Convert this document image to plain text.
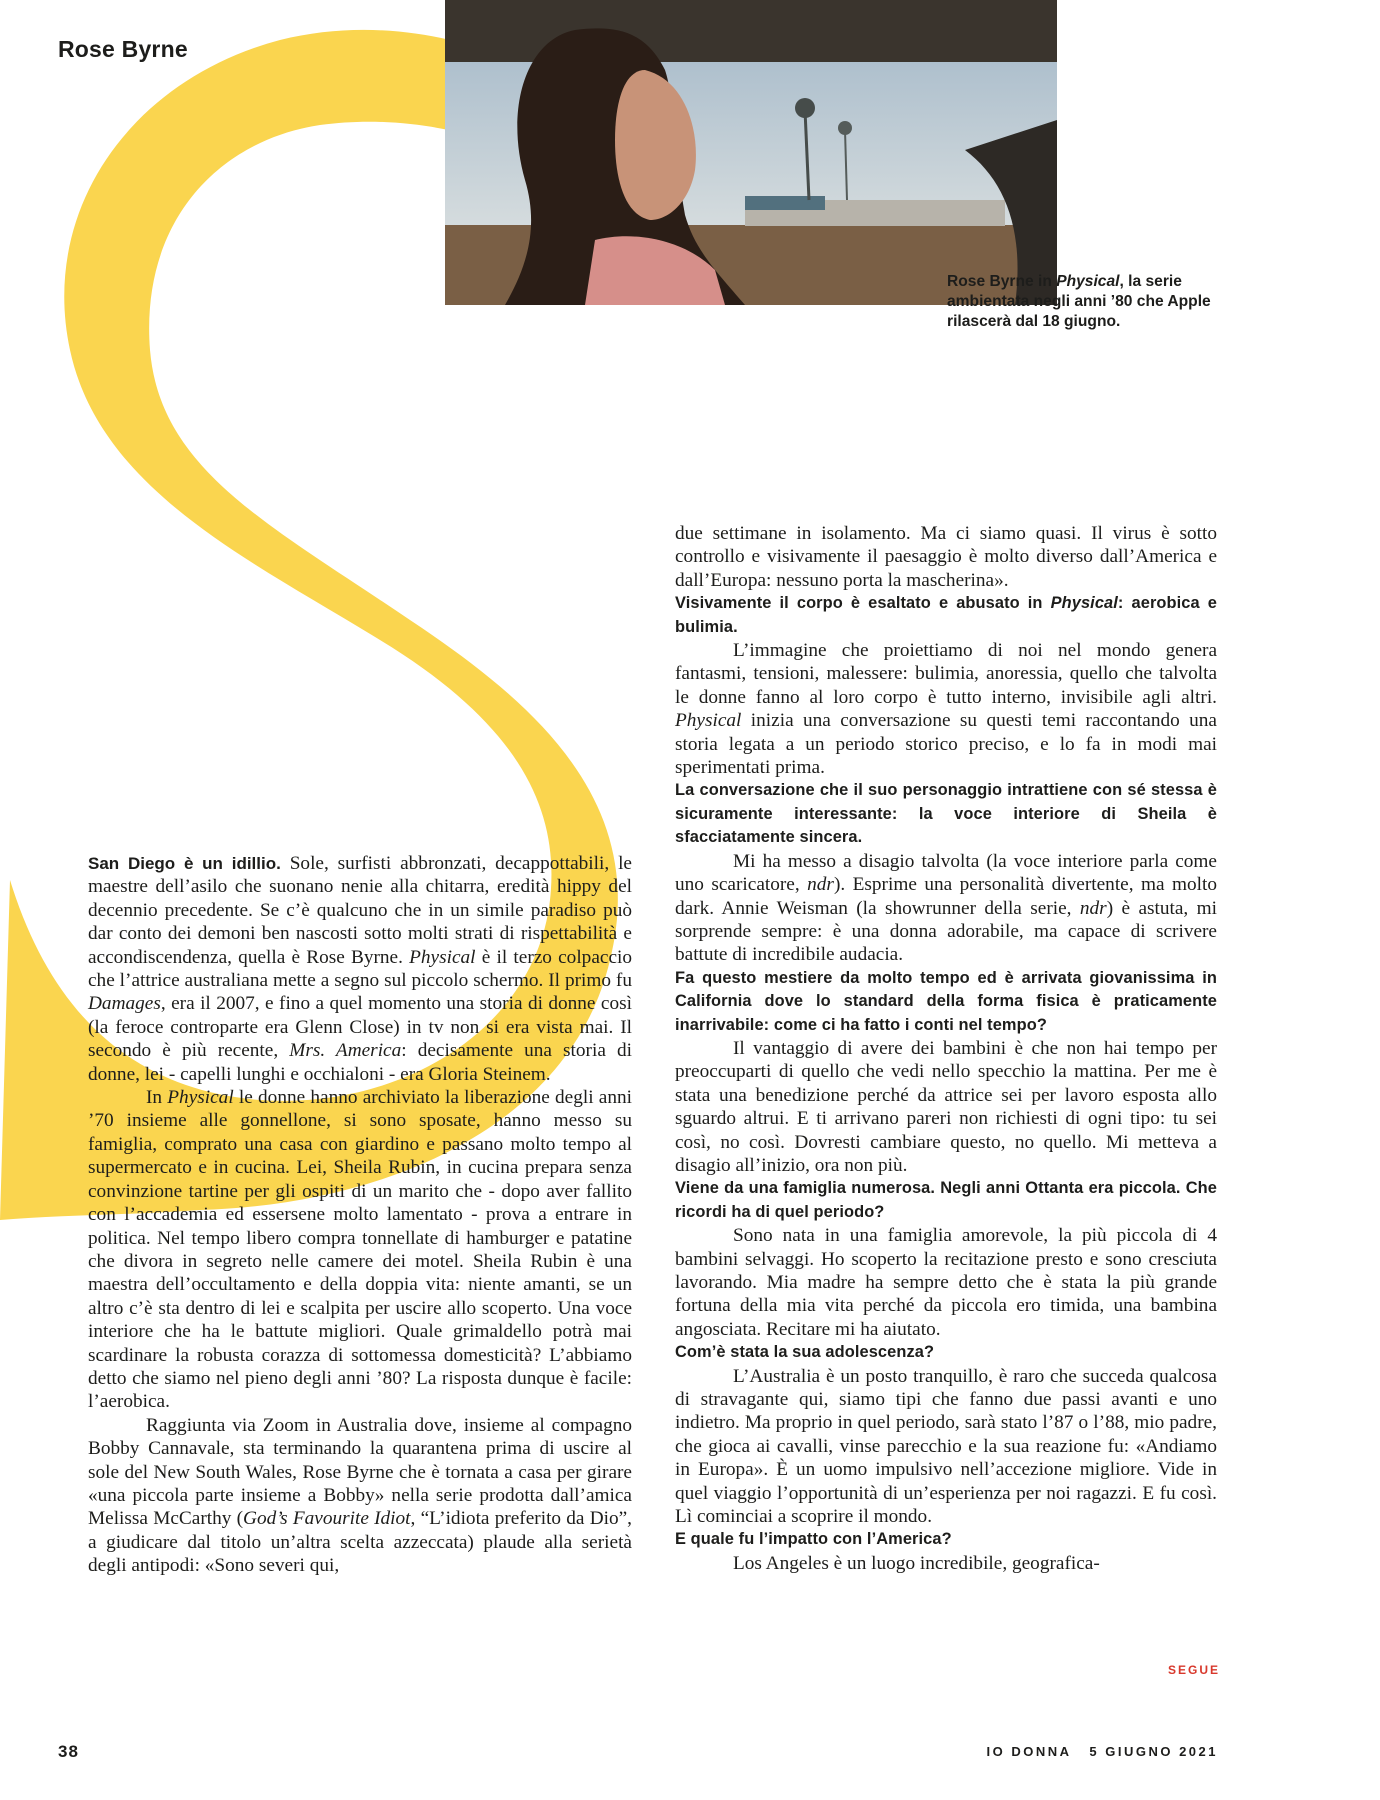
Rose Byrne
Rose Byrne in Physical, la serie ambientata negli anni ’80 che Apple rilascerà dal 18 giugno.

San Diego è un idillio. Sole, surfisti abbronzati, decappottabili, le maestre dell’asilo che suonano nenie alla chitarra, eredità hippy del decennio precedente. Se c’è qualcuno che in un simile paradiso può dar conto dei demoni ben nascosti sotto molti strati di rispettabilità e accondiscendenza, quella è Rose Byrne. Physical è il terzo colpaccio che l’attrice australiana mette a segno sul piccolo schermo. Il primo fu Damages, era il 2007, e fino a quel momento una storia di donne così (la feroce controparte era Glenn Close) in tv non si era vista mai. Il secondo è più recente, Mrs. America: decisamente una storia di donne, lei - capelli lunghi e occhialoni - era Gloria Steinem.

In Physical le donne hanno archiviato la liberazione degli anni ’70 insieme alle gonnellone, si sono sposate, hanno messo su famiglia, comprato una casa con giardino e passano molto tempo al supermercato e in cucina. Lei, Sheila Rubin, in cucina prepara senza convinzione tartine per gli ospiti di un marito che - dopo aver fallito con l’accademia ed essersene molto lamentato - prova a entrare in politica. Nel tempo libero compra tonnellate di hamburger e patatine che divora in segreto nelle camere dei motel. Sheila Rubin è una maestra dell’occultamento e della doppia vita: niente amanti, se un altro c’è sta dentro di lei e scalpita per uscire allo scoperto. Una voce interiore che ha le battute migliori. Quale grimaldello potrà mai scardinare la robusta corazza di sottomessa domesticità? L’abbiamo detto che siamo nel pieno degli anni ’80? La risposta dunque è facile: l’aerobica.

Raggiunta via Zoom in Australia dove, insieme al compagno Bobby Cannavale, sta terminando la quarantena prima di uscire al sole del New South Wales, Rose Byrne che è tornata a casa per girare «una piccola parte insieme a Bobby» nella serie prodotta dall’amica Melissa McCarthy (God’s Favourite Idiot, “L’idiota preferito da Dio”, a giudicare dal titolo un’altra scelta azzeccata) plaude alla serietà degli antipodi: «Sono severi qui,

due settimane in isolamento. Ma ci siamo quasi. Il virus è sotto controllo e visivamente il paesaggio è molto diverso dall’America e dall’Europa: nessuno porta la mascherina».

Visivamente il corpo è esaltato e abusato in Physical: aerobica e bulimia.

L’immagine che proiettiamo di noi nel mondo genera fantasmi, tensioni, malessere: bulimia, anoressia, quello che talvolta le donne fanno al loro corpo è tutto interno, invisibile agli altri. Physical inizia una conversazione su questi temi raccontando una storia legata a un periodo storico preciso, e lo fa in modi mai sperimentati prima.

La conversazione che il suo personaggio intrattiene con sé stessa è sicuramente interessante: la voce interiore di Sheila è sfacciatamente sincera.

Mi ha messo a disagio talvolta (la voce interiore parla come uno scaricatore, ndr). Esprime una personalità divertente, ma molto dark. Annie Weisman (la showrunner della serie, ndr) è astuta, mi sorprende sempre: è una donna adorabile, ma capace di scrivere battute di incredibile audacia.

Fa questo mestiere da molto tempo ed è arrivata giovanissima in California dove lo standard della forma fisica è praticamente inarrivabile: come ci ha fatto i conti nel tempo?

Il vantaggio di avere dei bambini è che non hai tempo per preoccuparti di quello che vedi nello specchio la mattina. Per me è stata una benedizione perché da attrice sei per lavoro esposta allo sguardo altrui. E ti arrivano pareri non richiesti di ogni tipo: tu sei così, no così. Dovresti cambiare questo, no quello. Mi metteva a disagio all’inizio, ora non più.

Viene da una famiglia numerosa. Negli anni Ottanta era piccola. Che ricordi ha di quel periodo?

Sono nata in una famiglia amorevole, la più piccola di 4 bambini selvaggi. Ho scoperto la recitazione presto e sono cresciuta lavorando. Mia madre ha sempre detto che è stata la più grande fortuna della mia vita perché da piccola ero timida, una bambina angosciata. Recitare mi ha aiutato.

Com’è stata la sua adolescenza?

L’Australia è un posto tranquillo, è raro che succeda qualcosa di stravagante qui, siamo tipi che fanno due passi avanti e uno indietro. Ma proprio in quel periodo, sarà stato l’87 o l’88, mio padre, che gioca ai cavalli, vinse parecchio e la sua reazione fu: «Andiamo in Europa». È un uomo impulsivo nell’accezione migliore. Vide in quel viaggio l’opportunità di un’esperienza per noi ragazzi. E fu così. Lì cominciai a scoprire il mondo.

E quale fu l’impatto con l’America?

Los Angeles è un luogo incredibile, geografica-

SEGUE
38	IO DONNA   5 GIUGNO 2021
